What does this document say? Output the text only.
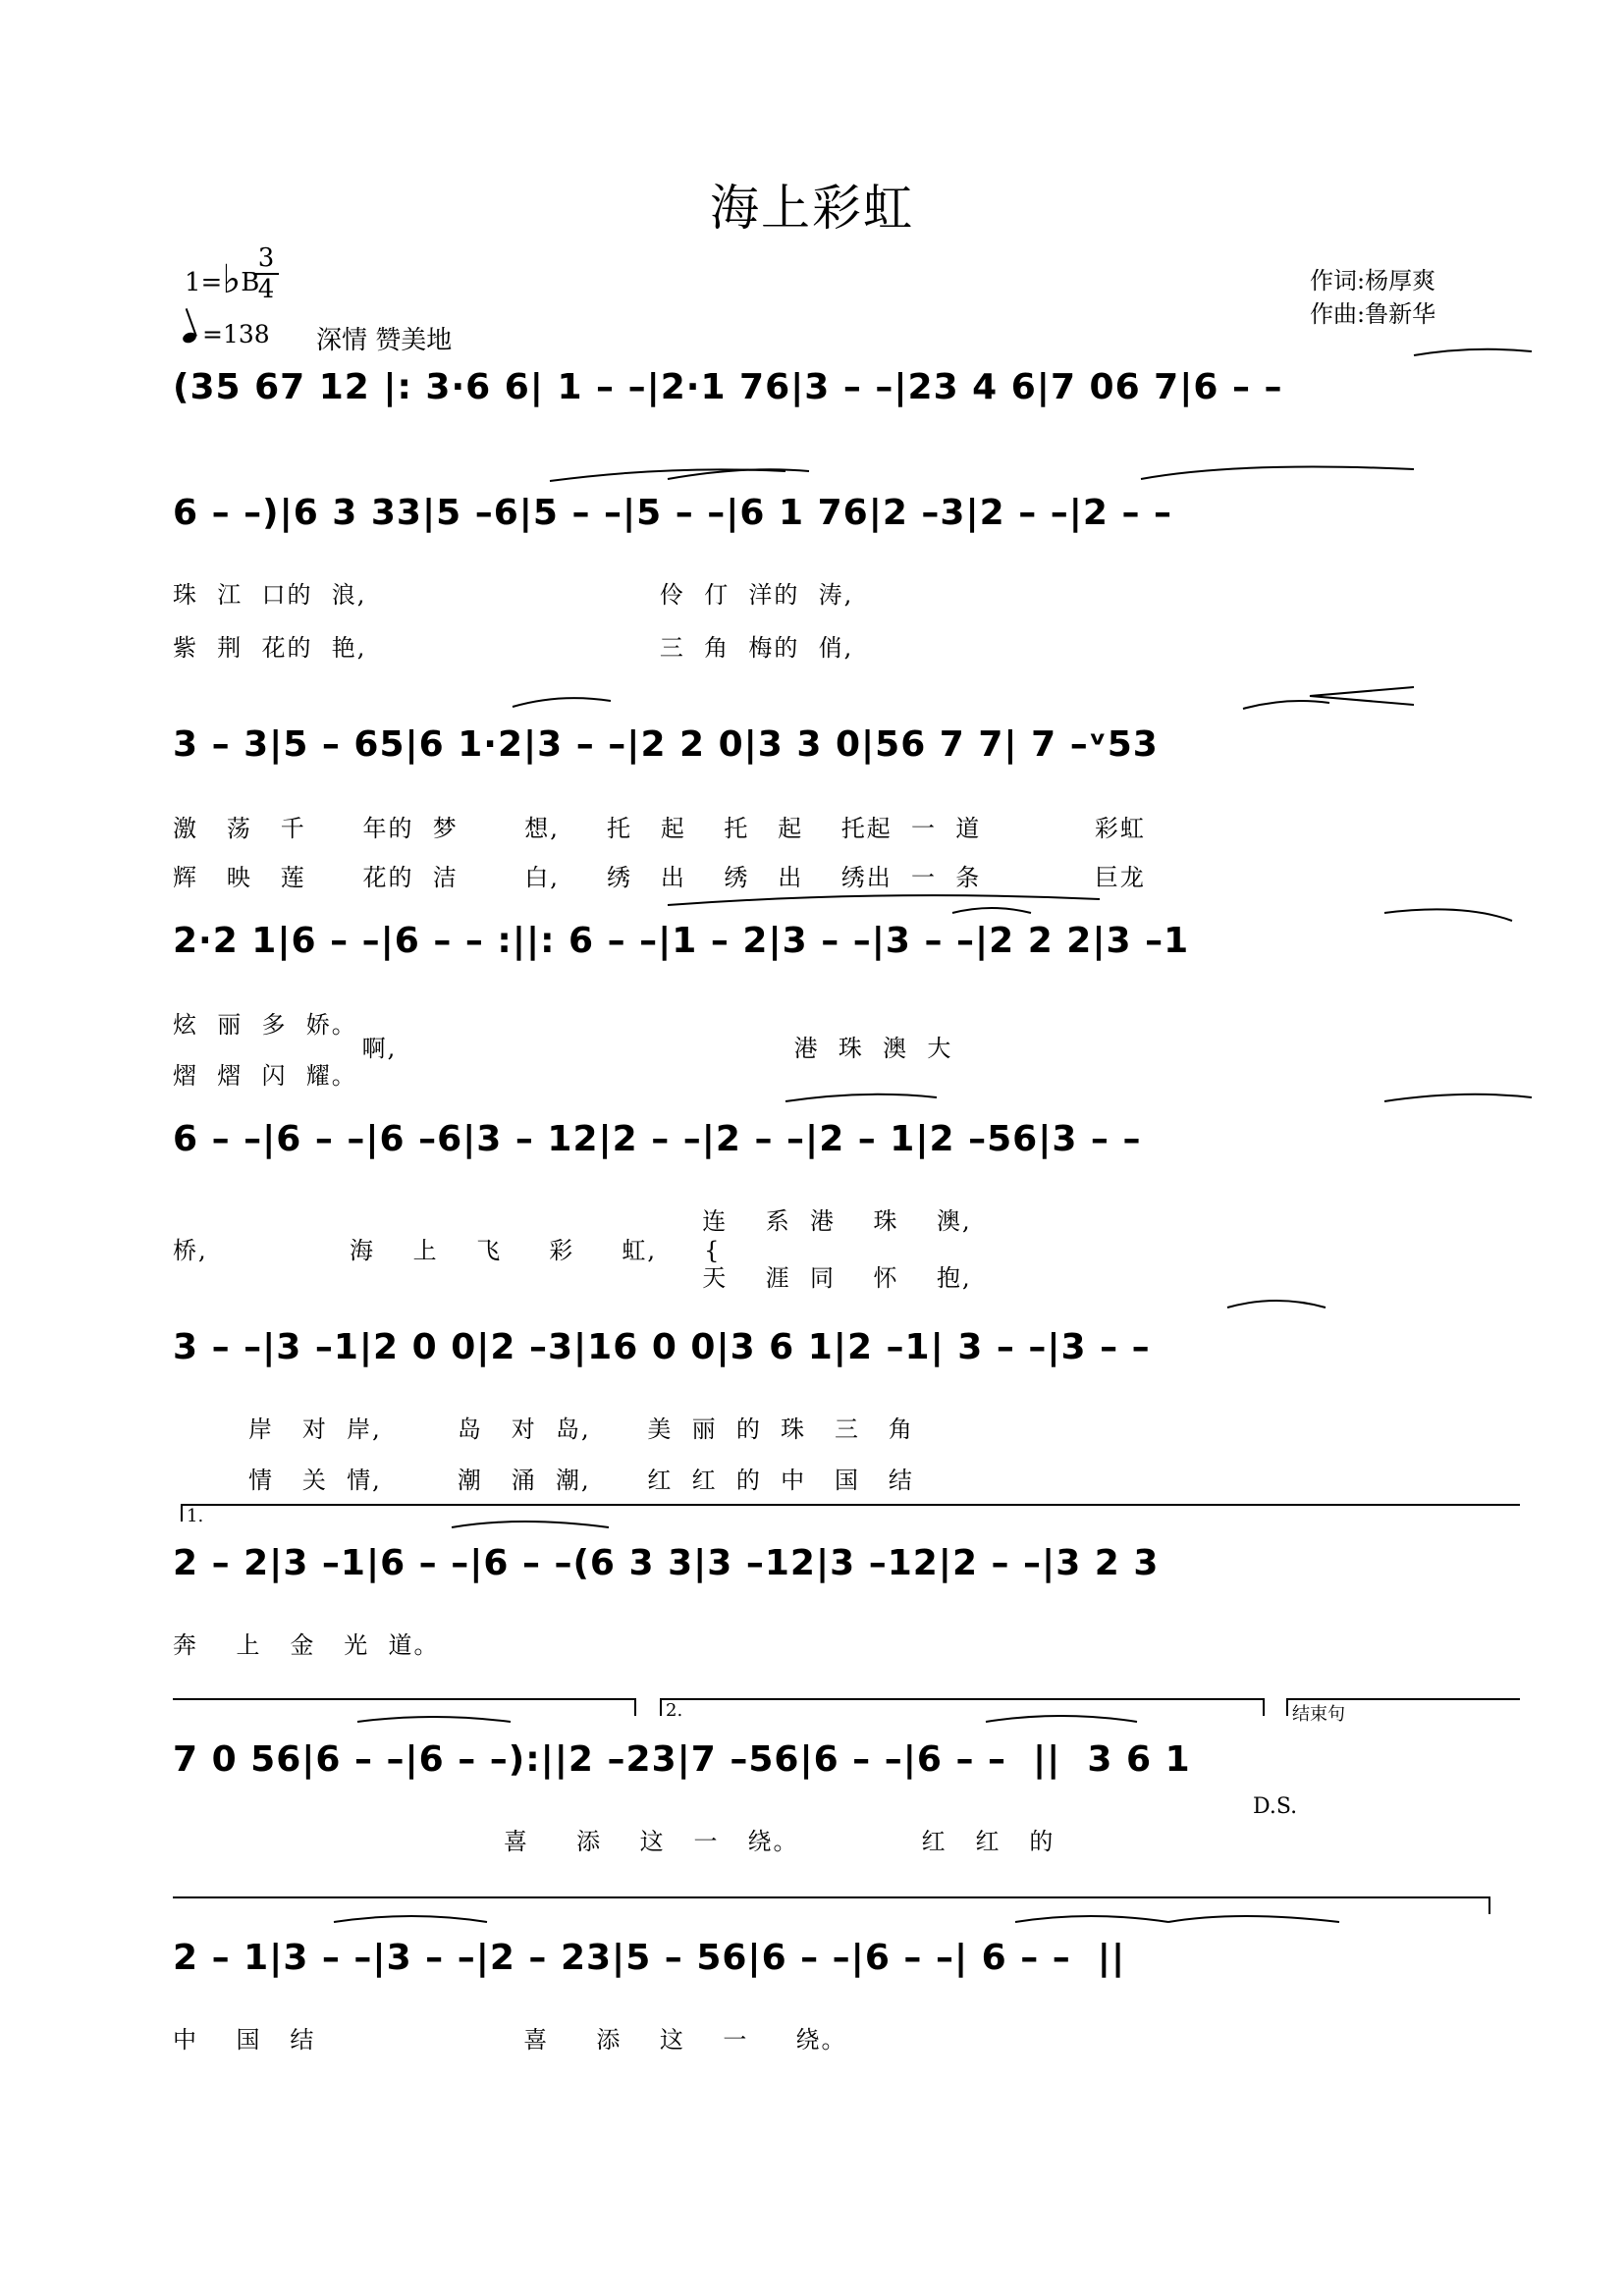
海上彩虹
1=♭B
3
4
=138 深情 赞美地
作词:杨厚爽
作曲:鲁新华
(35 67 12 |: 3·6 6| 1 – –|2·1 76|3 – –|23 4 6|7 06 7|6 – –
6 – –)|6 3 33|5 –6|5 – –|5 – –|6 1 76|2 –3|2 – –|2 – –
珠  江  口的  浪,                               伶  仃  洋的  涛,
紫  荆  花的  艳,                               三  角  梅的  俏,
3 – 3|5 – 65|6 1·2|3 – –|2 2 0|3 3 0|56 7 7| 7 –ᵛ53
激   荡   千      年的  梦       想,     托   起    托   起    托起  一  道            彩虹
辉   映   莲      花的  洁       白,     绣   出    绣   出    绣出  一  条            巨龙
2·2 1|6 – –|6 – – :||: 6 – –|1 – 2|3 – –|3 – –|2 2 2|3 –1
炫  丽  多  娇。
啊,                                          港  珠  澳  大
熠  熠  闪  耀。
6 – –|6 – –|6 –6|3 – 12|2 – –|2 – –|2 – 1|2 –56|3 – –
连    系  港    珠    澳,
桥,               海    上    飞     彩     虹,     {
天    涯  同    怀    抱,
3 – –|3 –1|2 0 0|2 –3|16 0 0|3 6 1|2 –1| 3 – –|3 – –
岸   对  岸,        岛   对  岛,      美  丽  的  珠   三   角
情   关  情,        潮   涌  潮,      红  红  的  中   国   结
1.
2 – 2|3 –1|6 – –|6 – –(6 3 3|3 –12|3 –12|2 – –|3 2 3
奔    上   金   光  道。
2.	结束句
7 0 56|6 – –|6 – –):||2 –23|7 –56|6 – –|6 – –  ||  3 6 1
D.S.
喜     添    这   一   绕。             红   红   的
2 – 1|3 – –|3 – –|2 – 23|5 – 56|6 – –|6 – –| 6 – –  ||
中    国   结                      喜     添    这    一     绕。
